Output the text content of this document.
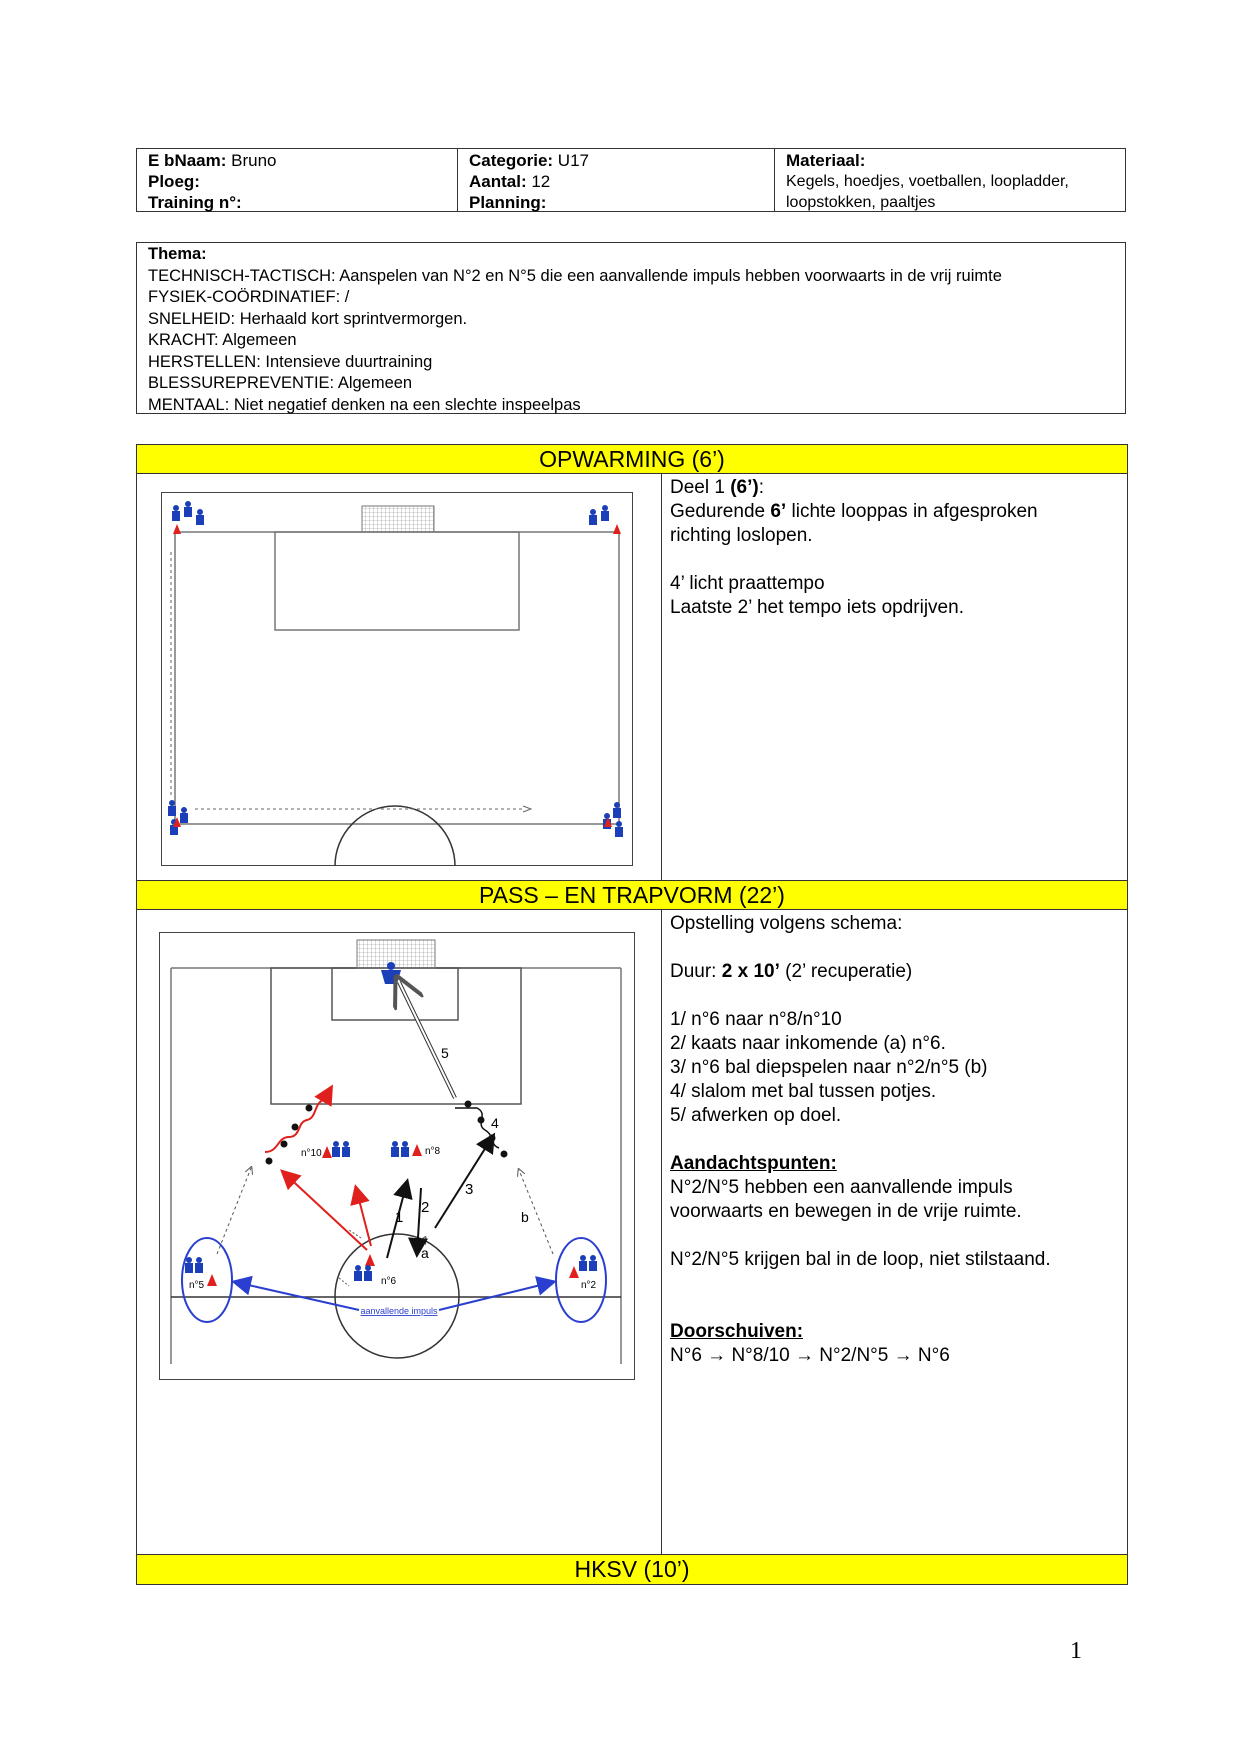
E bNaam: Bruno
Ploeg:
Training n°:
Categorie: U17
Aantal: 12
Planning:
Materiaal:
Kegels, hoedjes, voetballen, loopladder,
loopstokken, paaltjes
Thema:
TECHNISCH-TACTISCH: Aanspelen van N°2 en N°5 die een aanvallende impuls hebben voorwaarts in de vrij ruimte
FYSIEK-COÖRDINATIEF: /
SNELHEID: Herhaald kort sprintvermorgen.
KRACHT: Algemeen
HERSTELLEN: Intensieve duurtraining
BLESSUREPREVENTIE: Algemeen
MENTAAL: Niet negatief denken na een slechte inspeelpas
OPWARMING (6’)
PASS – EN TRAPVORM (22’)
HKSV (10’)

Deel 1 (6’):

Gedurende 6’ lichte looppas in afgesproken

richting loslopen.

4’ licht praattempo

Laatste 2’ het tempo iets opdrijven.

Opstelling volgens schema:

Duur: 2 x 10’ (2’ recuperatie)

1/ n°6 naar n°8/n°10

2/ kaats naar inkomende (a) n°6.

3/ n°6 bal diepspelen naar n°2/n°5 (b)

4/ slalom met bal tussen potjes.

5/ afwerken op doel.

Aandachtspunten:

N°2/N°5 hebben een aanvallende impuls

voorwaarts en bewegen in de vrije ruimte.

N°2/N°5 krijgen bal in de loop, niet stilstaand.

Doorschuiven:

N°6 → N°8/10 → N°2/N°5 → N°6

5
4
a
b
1
2
3
n°10	n°8
n°6
n°5	n°2
aanvallende impuls
1
